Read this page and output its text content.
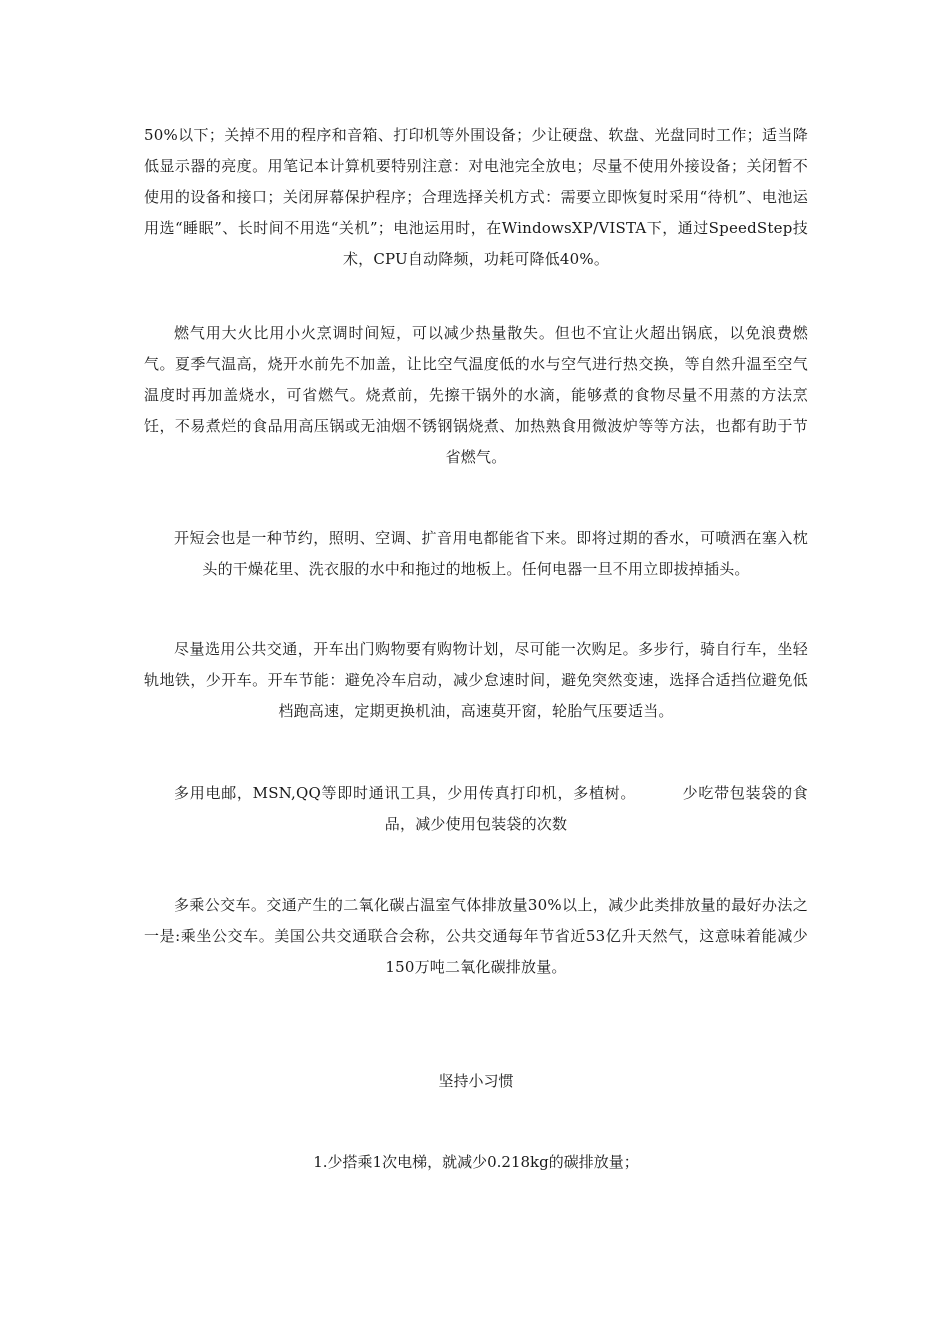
50%以下；关掉不用的程序和音箱、打印机等外围设备；少让硬盘、软盘、光盘同时工作；适当降低显示器的亮度。用笔记本计算机要特别注意：对电池完全放电；尽量不使用外接设备；关闭暂不使用的设备和接口；关闭屏幕保护程序；合理选择关机方式：需要立即恢复时采用“待机”、电池运用选“睡眠”、长时间不用选“关机”；电池运用时，在WindowsXP/VISTA下，通过SpeedStep技术，CPU自动降频，功耗可降低40%。

燃气用大火比用小火烹调时间短，可以减少热量散失。但也不宜让火超出锅底，以免浪费燃气。夏季气温高，烧开水前先不加盖，让比空气温度低的水与空气进行热交换，等自然升温至空气温度时再加盖烧水，可省燃气。烧煮前，先擦干锅外的水滴，能够煮的食物尽量不用蒸的方法烹饪，不易煮烂的食品用高压锅或无油烟不锈钢锅烧煮、加热熟食用微波炉等等方法，也都有助于节省燃气。

开短会也是一种节约，照明、空调、扩音用电都能省下来。即将过期的香水，可喷洒在塞入枕头的干燥花里、洗衣服的水中和拖过的地板上。任何电器一旦不用立即拔掉插头。

尽量选用公共交通，开车出门购物要有购物计划，尽可能一次购足。多步行，骑自行车，坐轻轨地铁，少开车。开车节能：避免冷车启动，减少怠速时间，避免突然变速，选择合适挡位避免低档跑高速，定期更换机油，高速莫开窗，轮胎气压要适当。

多用电邮，MSN,QQ等即时通讯工具，少用传真打印机，多植树。	少吃带包装袋的食品，减少使用包装袋的次数

多乘公交车。交通产生的二氧化碳占温室气体排放量30%以上，减少此类排放量的最好办法之一是:乘坐公交车。美国公共交通联合会称，公共交通每年节省近53亿升天然气，这意味着能减少150万吨二氧化碳排放量。

坚持小习惯

1.少搭乘1次电梯，就减少0.218kg的碳排放量；
